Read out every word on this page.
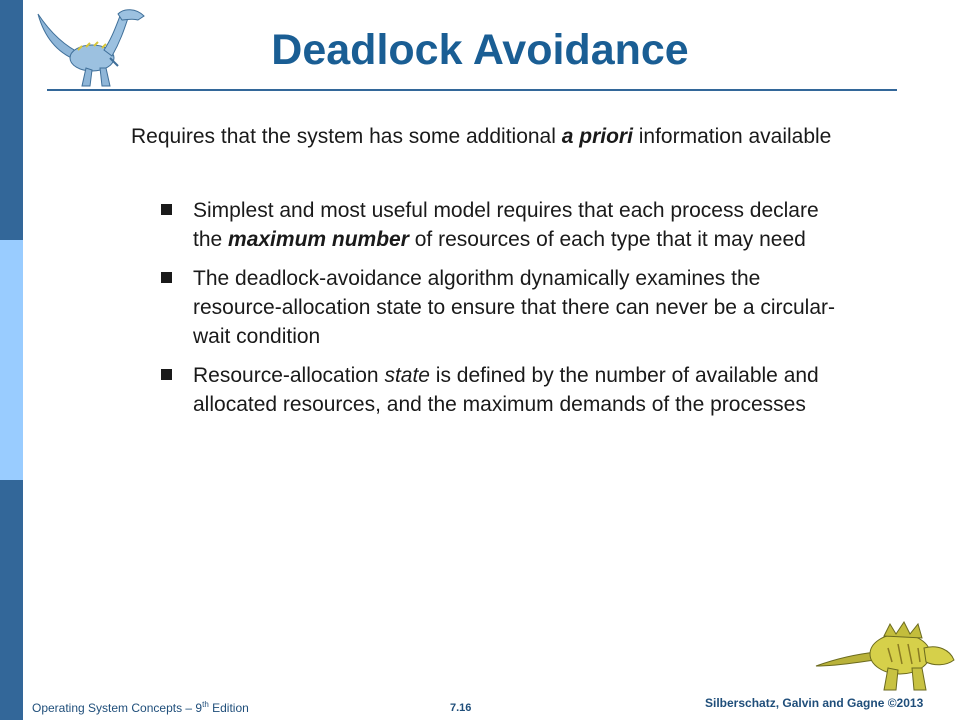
Deadlock Avoidance

Requires that the system has some additional a priori information available

Simplest and most useful model requires that each process declare the maximum number of resources of each type that it may need
The deadlock-avoidance algorithm dynamically examines the resource-allocation state to ensure that there can never be a circular-wait condition
Resource-allocation state is defined by the number of available and allocated resources, and the maximum demands of the processes
Operating System Concepts – 9th Edition	7.16	Silberschatz, Galvin and Gagne ©2013
